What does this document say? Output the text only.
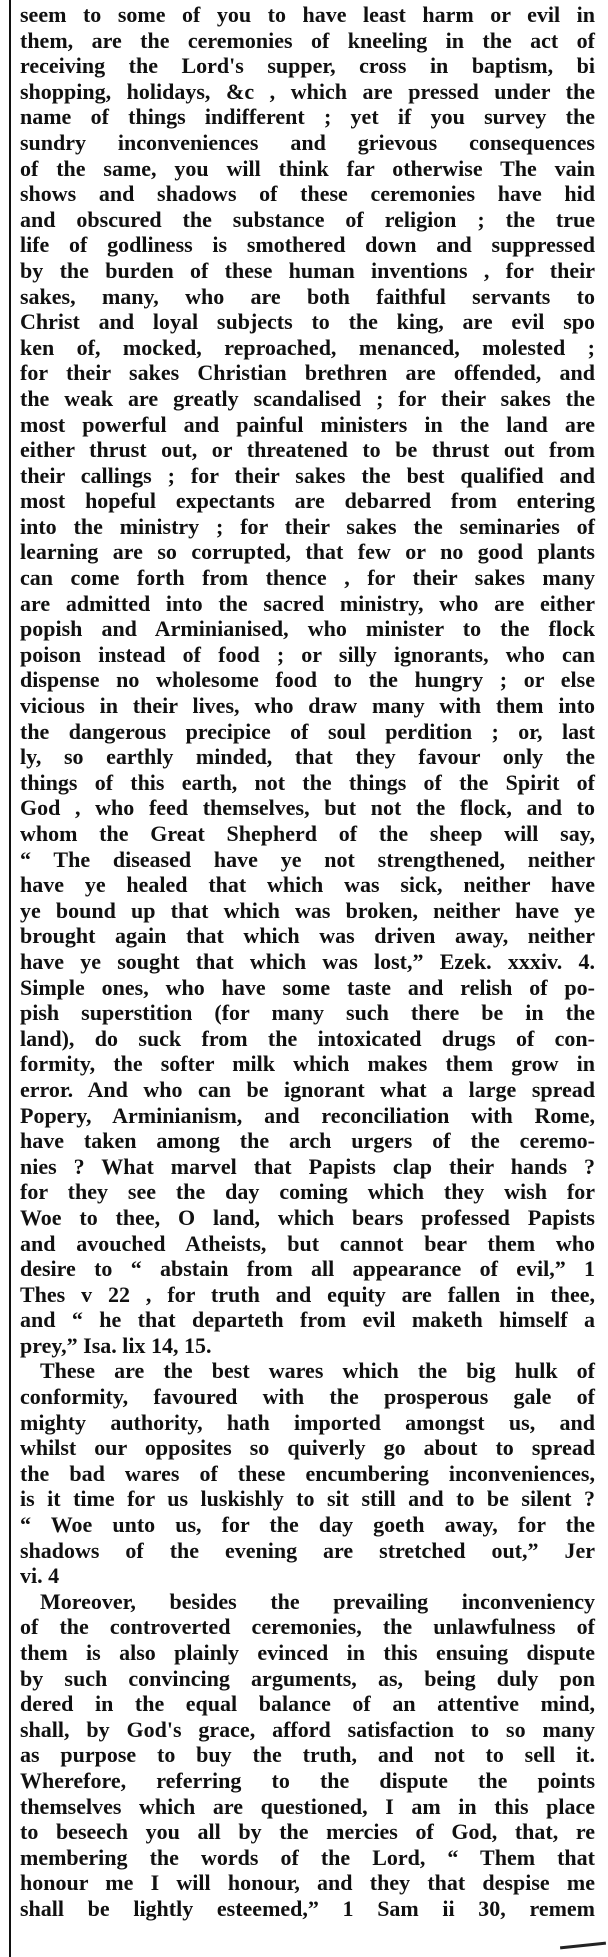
seem to some of you to have least harm or evil in
them, are the ceremonies of kneeling in the act of
receiving the Lord's supper, cross in baptism, bi
shopping, holidays, &c , which are pressed under the
name of things indifferent ; yet if you survey the
sundry inconveniences and grievous consequences
of the same, you will think far otherwise The vain
shows and shadows of these ceremonies have hid
and obscured the substance of religion ; the true
life of godliness is smothered down and suppressed
by the burden of these human inventions , for their
sakes, many, who are both faithful servants to
Christ and loyal subjects to the king, are evil spo
ken of, mocked, reproached, menanced, molested ;
for their sakes Christian brethren are offended, and
the weak are greatly scandalised ; for their sakes the
most powerful and painful ministers in the land are
either thrust out, or threatened to be thrust out from
their callings ; for their sakes the best qualified and
most hopeful expectants are debarred from entering
into the ministry ; for their sakes the seminaries of
learning are so corrupted, that few or no good plants
can come forth from thence , for their sakes many
are admitted into the sacred ministry, who are either
popish and Arminianised, who minister to the flock
poison instead of food ; or silly ignorants, who can
dispense no wholesome food to the hungry ; or else
vicious in their lives, who draw many with them into
the dangerous precipice of soul perdition ; or, last
ly, so earthly minded, that they favour only the
things of this earth, not the things of the Spirit of
God , who feed themselves, but not the flock, and to
whom the Great Shepherd of the sheep will say,
“ The diseased have ye not strengthened, neither
have ye healed that which was sick, neither have
ye bound up that which was broken, neither have ye
brought again that which was driven away, neither
have ye sought that which was lost,” Ezek. xxxiv. 4.
Simple ones, who have some taste and relish of po-
pish superstition (for many such there be in the
land), do suck from the intoxicated drugs of con-
formity, the softer milk which makes them grow in
error. And who can be ignorant what a large spread
Popery, Arminianism, and reconciliation with Rome,
have taken among the arch urgers of the ceremo-
nies ? What marvel that Papists clap their hands ?
for they see the day coming which they wish for
Woe to thee, O land, which bears professed Papists
and avouched Atheists, but cannot bear them who
desire to “ abstain from all appearance of evil,” 1
Thes v 22 , for truth and equity are fallen in thee,
and “ he that departeth from evil maketh himself a
prey,” Isa. lix 14, 15.
These are the best wares which the big hulk of
conformity, favoured with the prosperous gale of
mighty authority, hath imported amongst us, and
whilst our opposites so quiverly go about to spread
the bad wares of these encumbering inconveniences,
is it time for us luskishly to sit still and to be silent ?
“ Woe unto us, for the day goeth away, for the
shadows of the evening are stretched out,” Jer
vi. 4
Moreover, besides the prevailing inconveniency
of the controverted ceremonies, the unlawfulness of
them is also plainly evinced in this ensuing dispute
by such convincing arguments, as, being duly pon
dered in the equal balance of an attentive mind,
shall, by God's grace, afford satisfaction to so many
as purpose to buy the truth, and not to sell it.
Wherefore, referring to the dispute the points
themselves which are questioned, I am in this place
to beseech you all by the mercies of God, that, re
membering the words of the Lord, “ Them that
honour me I will honour, and they that despise me
shall be lightly esteemed,” 1 Sam ii 30, remem
